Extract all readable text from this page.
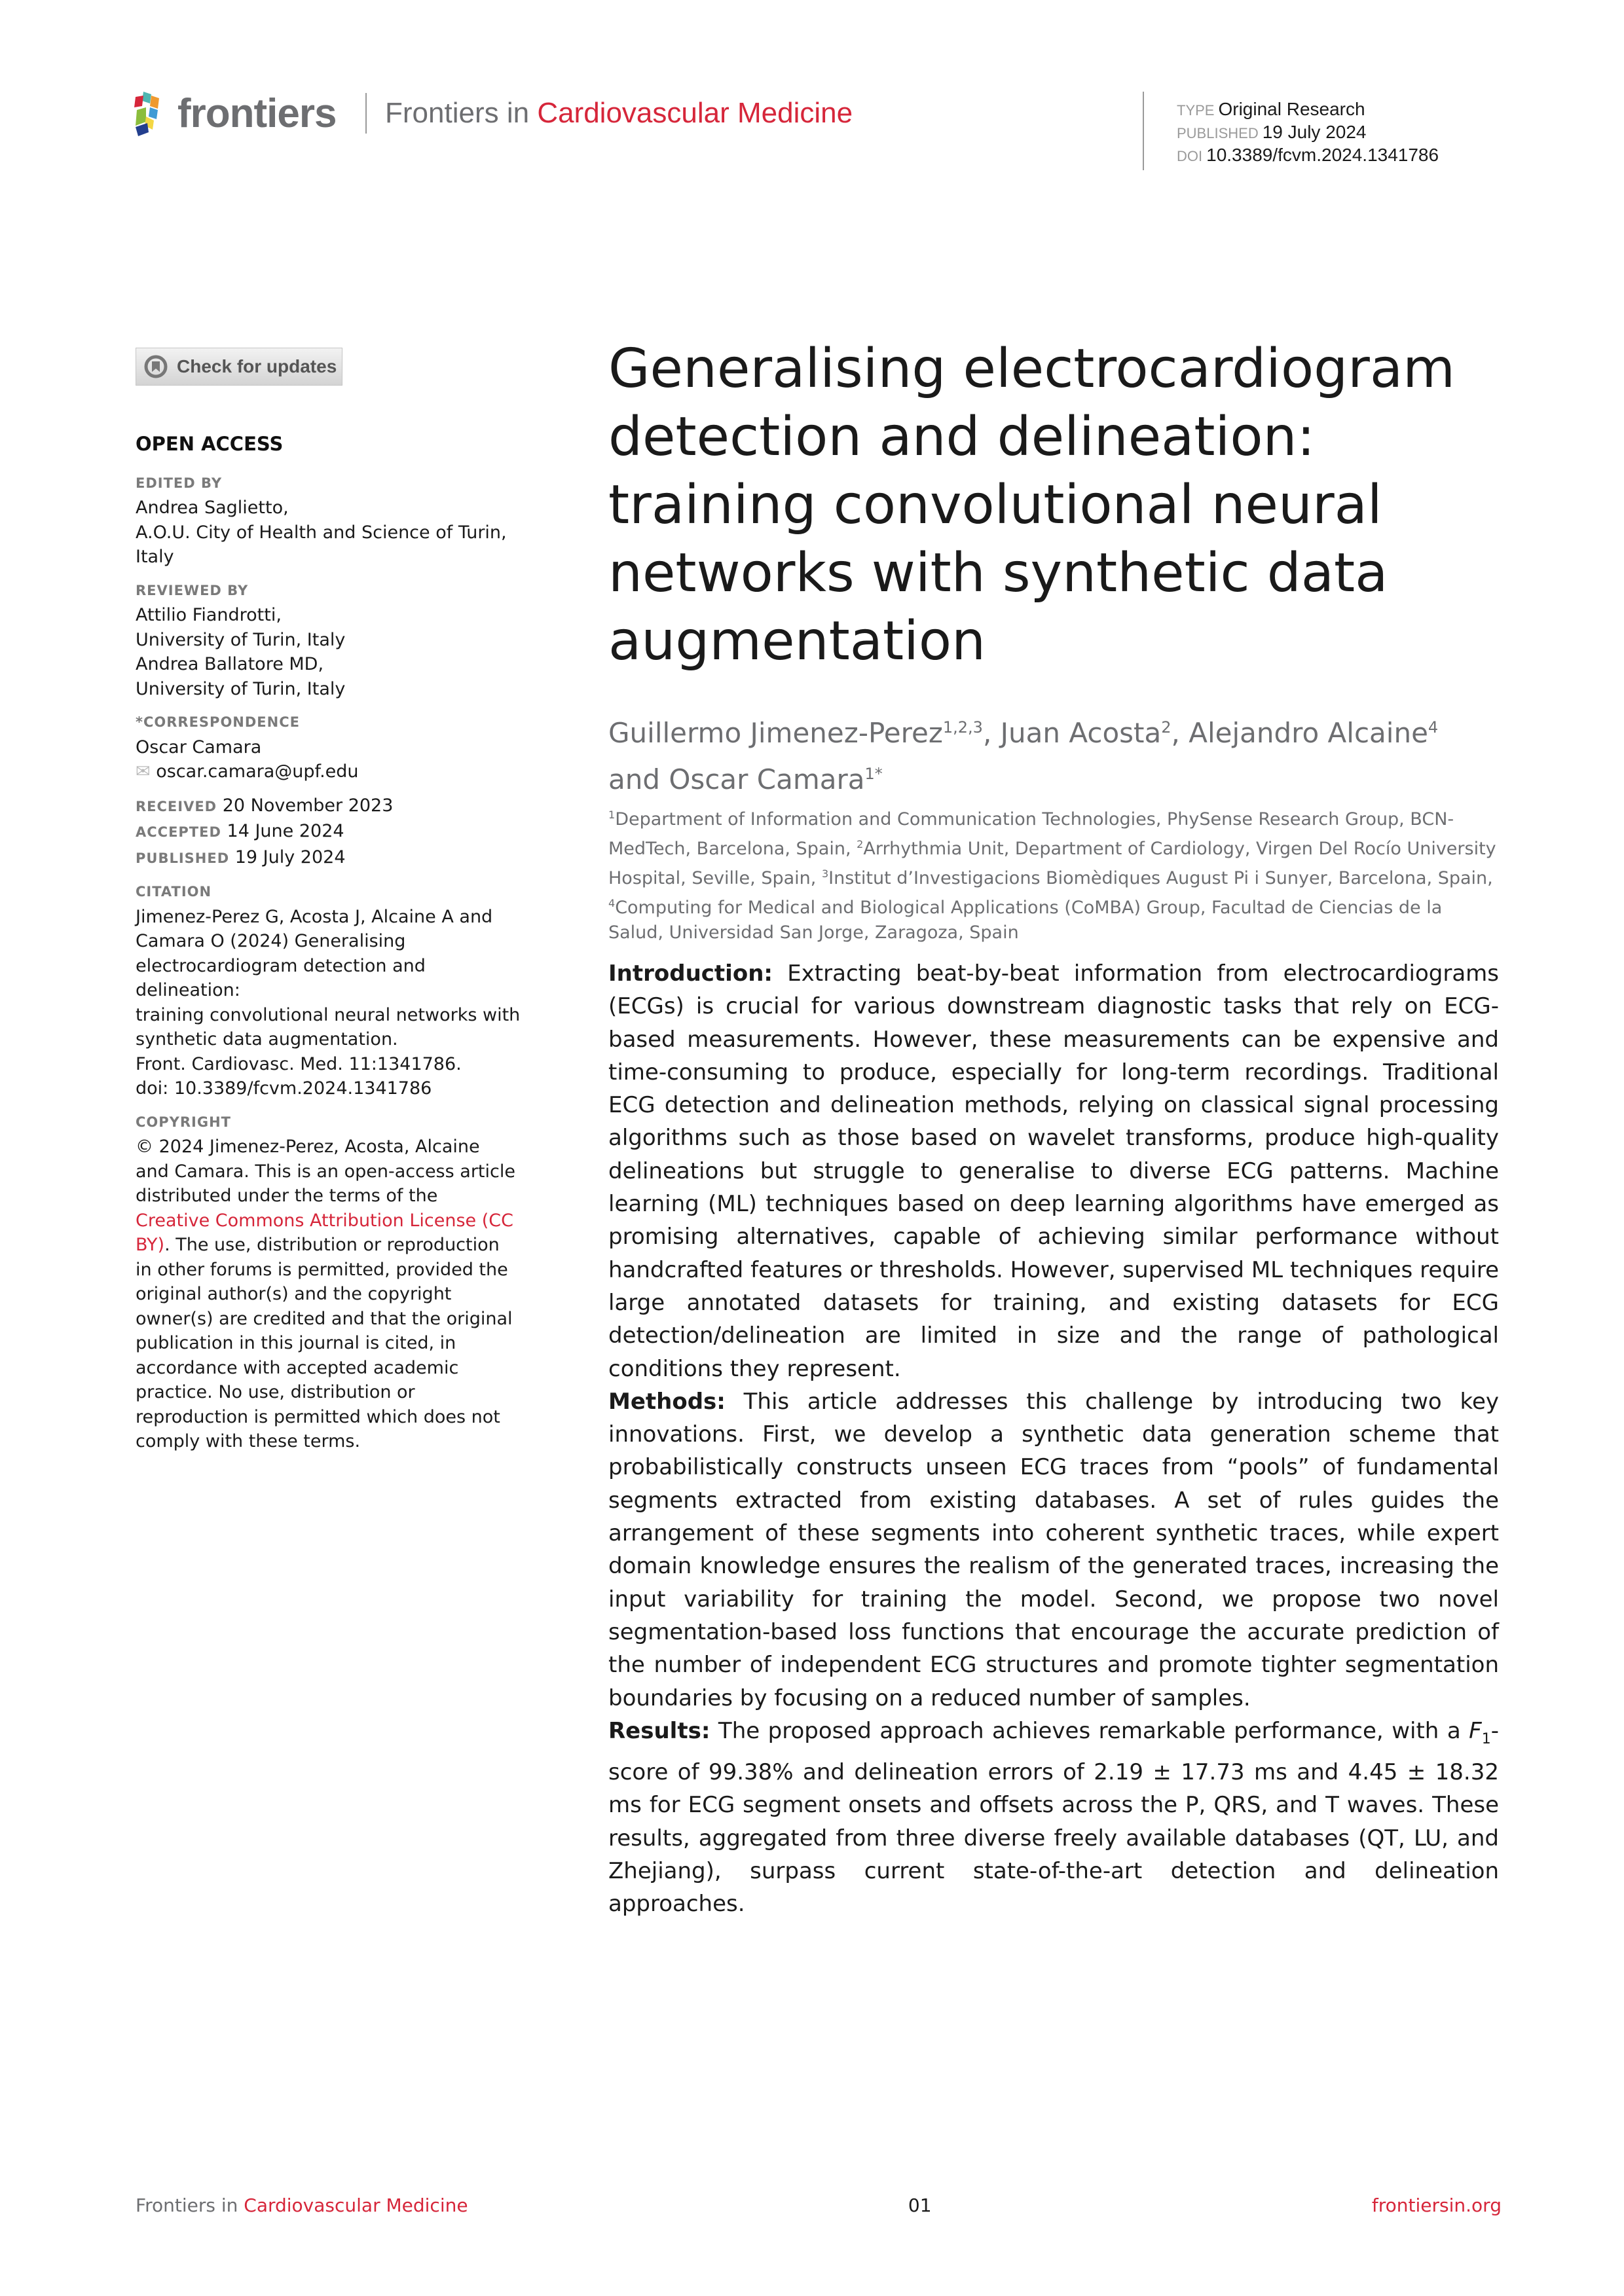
frontiers Frontiers in Cardiovascular Medicine	TYPE Original Research
PUBLISHED 19 July 2024
DOI 10.3389/fcvm.2024.1341786
Check for updates
OPEN ACCESS
EDITED BY
Andrea Saglietto,
A.O.U. City of Health and Science of Turin,
Italy
REVIEWED BY
Attilio Fiandrotti,
University of Turin, Italy
Andrea Ballatore MD,
University of Turin, Italy
*CORRESPONDENCE
Oscar Camara
✉ oscar.camara@upf.edu
RECEIVED 20 November 2023
ACCEPTED 14 June 2024
PUBLISHED 19 July 2024
CITATION
Jimenez-Perez G, Acosta J, Alcaine A and
Camara O (2024) Generalising
electrocardiogram detection and delineation:
training convolutional neural networks with
synthetic data augmentation.
Front. Cardiovasc. Med. 11:1341786.
doi: 10.3389/fcvm.2024.1341786
COPYRIGHT
© 2024 Jimenez-Perez, Acosta, Alcaine and Camara. This is an open-access article distributed under the terms of the Creative Commons Attribution License (CC BY). The use, distribution or reproduction in other forums is permitted, provided the original author(s) and the copyright owner(s) are credited and that the original publication in this journal is cited, in accordance with accepted academic practice. No use, distribution or reproduction is permitted which does not comply with these terms.
Generalising electrocardiogram detection and delineation: training convolutional neural networks with synthetic data augmentation
Guillermo Jimenez-Perez$^{1,2,3}$, Juan Acosta$^2$, Alejandro Alcaine$^4$
and Oscar Camara$^{1*}$
$^1$Department of Information and Communication Technologies, PhySense Research Group, BCN-MedTech, Barcelona, Spain, $^2$Arrhythmia Unit, Department of Cardiology, Virgen Del Rocío University Hospital, Seville, Spain, $^3$Institut d’Investigacions Biomèdiques August Pi i Sunyer, Barcelona, Spain, $^4$Computing for Medical and Biological Applications (CoMBA) Group, Facultad de Ciencias de la Salud, Universidad San Jorge, Zaragoza, Spain

Introduction: Extracting beat-by-beat information from electrocardiograms (ECGs) is crucial for various downstream diagnostic tasks that rely on ECG-based measurements. However, these measurements can be expensive and time-consuming to produce, especially for long-term recordings. Traditional ECG detection and delineation methods, relying on classical signal processing algorithms such as those based on wavelet transforms, produce high-quality delineations but struggle to generalise to diverse ECG patterns. Machine learning (ML) techniques based on deep learning algorithms have emerged as promising alternatives, capable of achieving similar performance without handcrafted features or thresholds. However, supervised ML techniques require large annotated datasets for training, and existing datasets for ECG detection/delineation are limited in size and the range of pathological conditions they represent.

Methods: This article addresses this challenge by introducing two key innovations. First, we develop a synthetic data generation scheme that probabilistically constructs unseen ECG traces from “pools” of fundamental segments extracted from existing databases. A set of rules guides the arrangement of these segments into coherent synthetic traces, while expert domain knowledge ensures the realism of the generated traces, increasing the input variability for training the model. Second, we propose two novel segmentation-based loss functions that encourage the accurate prediction of the number of independent ECG structures and promote tighter segmentation boundaries by focusing on a reduced number of samples.

Results: The proposed approach achieves remarkable performance, with a $F_1$-score of 99.38% and delineation errors of 2.19 ± 17.73 ms and 4.45 ± 18.32 ms for ECG segment onsets and offsets across the P, QRS, and T waves. These results, aggregated from three diverse freely available databases (QT, LU, and Zhejiang), surpass current state-of-the-art detection and delineation approaches.

Frontiers in Cardiovascular Medicine	01	frontiersin.org
